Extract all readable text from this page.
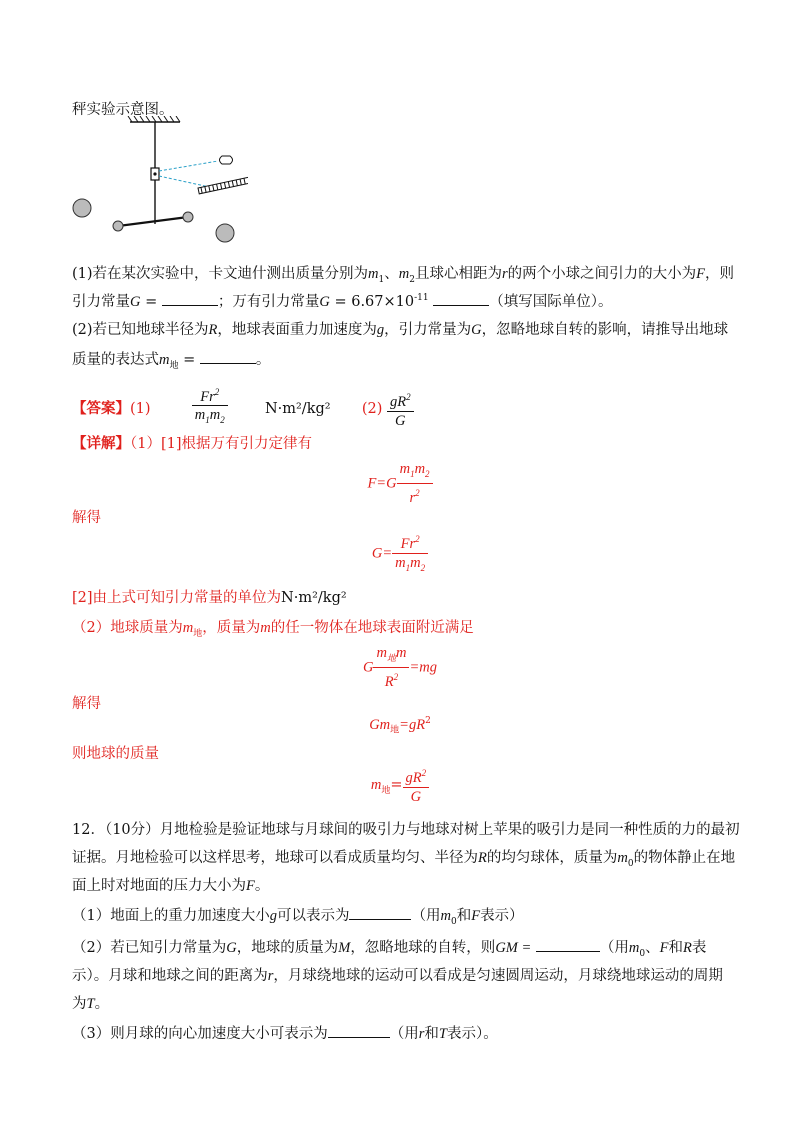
秤实验示意图。
(1)若在某次实验中，卡文迪什测出质量分别为$m_1$、$m_2$且球心相距为r的两个小球之间引力的大小为F，则
引力常量G =	；万有引力常量$G = 6.67\times 10^{-11}$	（填写国际单位）。
(2)若已知地球半径为R，地球表面重力加速度为g，引力常量为G，忽略地球自转的影响，请推导出地球
质量的表达式$m_地$ =	。
【答案】(1)	$\frac{Fr^2}{m_1m_2}$	N·m²/kg² $(2) \frac{gR^2}{G}$
【详解】（1）[1]根据万有引力定律有
$F=G \frac{m_1m_2}{r^2}$
解得
$G= \frac{Fr^2}{m_1m_2}$
[2]由上式可知引力常量的单位为N·m²/kg²
（2）地球质量为$m_地$，质量为m的任一物体在地球表面附近满足
G $\frac{m_地m}{R^2} =mg$
解得
$Gm_地=gR^2$
则地球的质量
$m_地= \frac{gR^2}{G}$
12．（10分）月地检验是验证地球与月球间的吸引力与地球对树上苹果的吸引力是同一种性质的力的最初
证据。月地检验可以这样思考，地球可以看成质量均匀、半径为R的均匀球体，质量为$m_0$的物体静止在地
面上时对地面的压力大小为F。
（1）地面上的重力加速度大小g可以表示为	（用$m_0$和F表示）
（2）若已知引力常量为G，地球的质量为M，忽略地球的自转，则GM =	（用$m_0$、F和R表
示）。月球和地球之间的距离为r，月球绕地球的运动可以看成是匀速圆周运动，月球绕地球运动的周期
为T。
（3）则月球的向心加速度大小可表示为	（用r和T表示）。
